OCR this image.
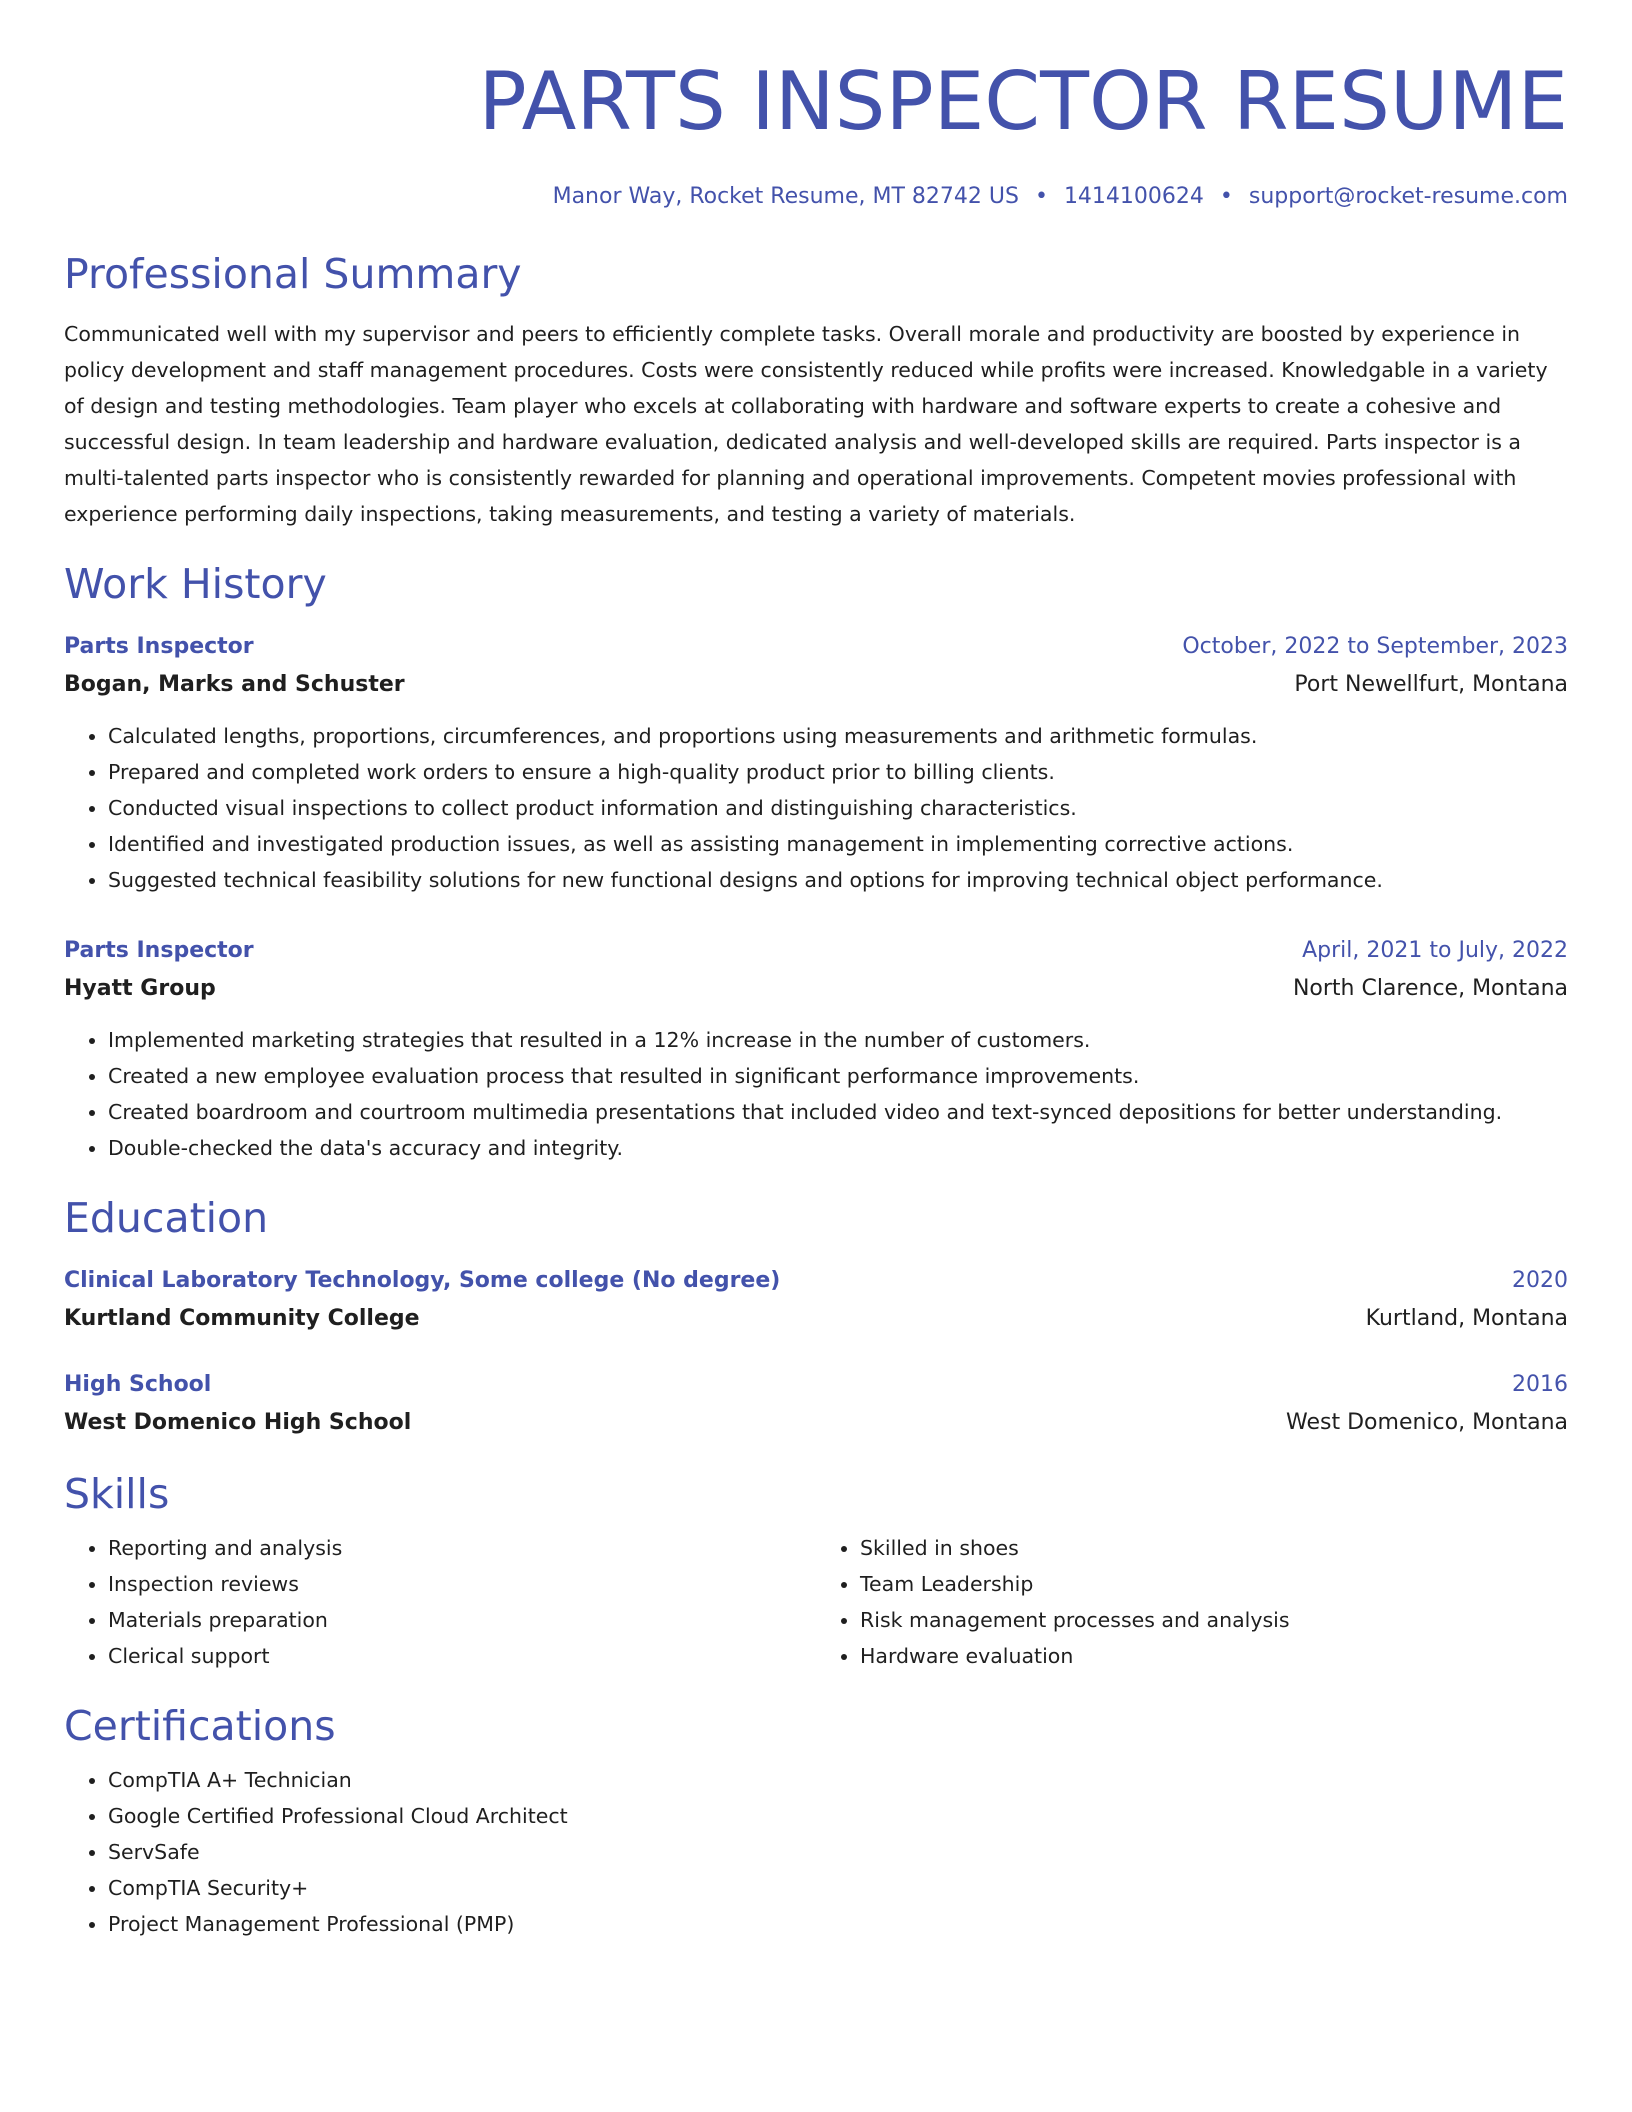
PARTS INSPECTOR RESUME
Manor Way, Rocket Resume, MT 82742 US • 1414100624 • support@rocket-resume.com
Professional Summary
Communicated well with my supervisor and peers to efficiently complete tasks. Overall morale and productivity are boosted by experience in policy development and staff management procedures. Costs were consistently reduced while profits were increased. Knowledgable in a variety of design and testing methodologies. Team player who excels at collaborating with hardware and software experts to create a cohesive and successful design. In team leadership and hardware evaluation, dedicated analysis and well-developed skills are required. Parts inspector is a multi-talented parts inspector who is consistently rewarded for planning and operational improvements. Competent movies professional with experience performing daily inspections, taking measurements, and testing a variety of materials.
Work History
Parts Inspector	October, 2022 to September, 2023
Bogan, Marks and Schuster	Port Newellfurt, Montana
• Calculated lengths, proportions, circumferences, and proportions using measurements and arithmetic formulas.
• Prepared and completed work orders to ensure a high-quality product prior to billing clients.
• Conducted visual inspections to collect product information and distinguishing characteristics.
• Identified and investigated production issues, as well as assisting management in implementing corrective actions.
• Suggested technical feasibility solutions for new functional designs and options for improving technical object performance.
Parts Inspector	April, 2021 to July, 2022
Hyatt Group	North Clarence, Montana
• Implemented marketing strategies that resulted in a 12% increase in the number of customers.
• Created a new employee evaluation process that resulted in significant performance improvements.
• Created boardroom and courtroom multimedia presentations that included video and text-synced depositions for better understanding.
• Double-checked the data's accuracy and integrity.
Education
Clinical Laboratory Technology, Some college (No degree)	2020
Kurtland Community College	Kurtland, Montana
High School	2016
West Domenico High School	West Domenico, Montana
Skills
• Reporting and analysis
• Inspection reviews
• Materials preparation
• Clerical support
• Skilled in shoes
• Team Leadership
• Risk management processes and analysis
• Hardware evaluation
Certifications
• CompTIA A+ Technician
• Google Certified Professional Cloud Architect
• ServSafe
• CompTIA Security+
• Project Management Professional (PMP)
